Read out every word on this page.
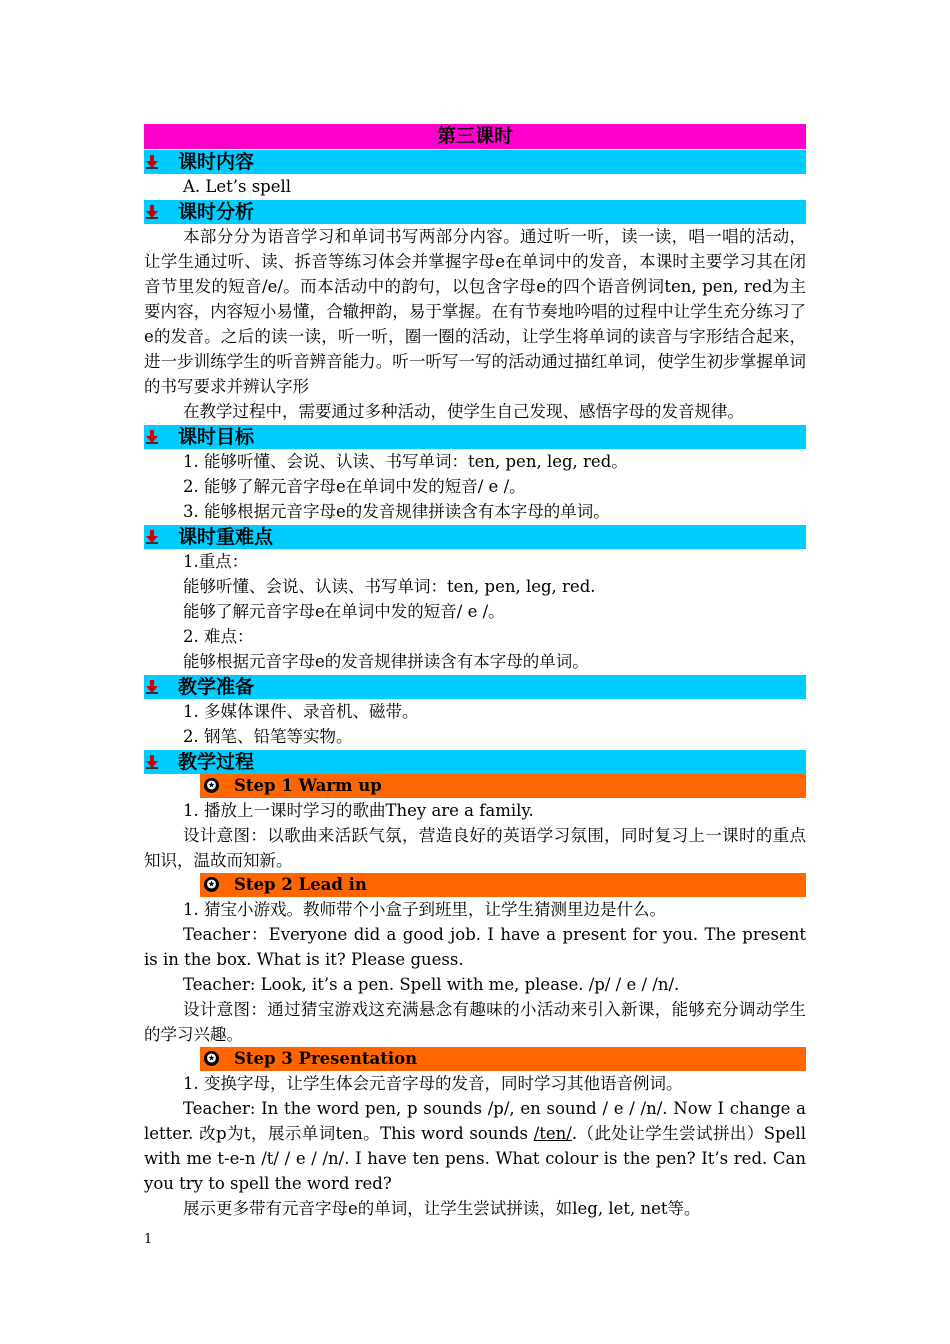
第三课时
课时内容

A. Let’s spell

课时分析

本部分分为语音学习和单词书写两部分内容。通过听一听，读一读，唱一唱的活动，让学生通过听、读、拆音等练习体会并掌握字母e在单词中的发音，本课时主要学习其在闭音节里发的短音/e/。而本活动中的韵句，以包含字母e的四个语音例词ten, pen, red为主要内容，内容短小易懂，合辙押韵，易于掌握。在有节奏地吟唱的过程中让学生充分练习了e的发音。之后的读一读，听一听，圈一圈的活动，让学生将单词的读音与字形结合起来，进一步训练学生的听音辨音能力。听一听写一写的活动通过描红单词，使学生初步掌握单词的书写要求并辨认字形

在教学过程中，需要通过多种活动，使学生自己发现、感悟字母的发音规律。

课时目标

1. 能够听懂、会说、认读、书写单词：ten, pen, leg, red。

2. 能够了解元音字母e在单词中发的短音/ e /。

3. 能够根据元音字母e的发音规律拼读含有本字母的单词。

课时重难点

1.重点：

能够听懂、会说、认读、书写单词：ten, pen, leg, red.

能够了解元音字母e在单词中发的短音/ e /。

2. 难点：

能够根据元音字母e的发音规律拼读含有本字母的单词。

教学准备

1. 多媒体课件、录音机、磁带。

2. 钢笔、铅笔等实物。

教学过程
✪ Step 1 Warm up

1. 播放上一课时学习的歌曲They are a family.

设计意图：以歌曲来活跃气氛，营造良好的英语学习氛围，同时复习上一课时的重点知识，温故而知新。

✪ Step 2 Lead in

1. 猜宝小游戏。教师带个小盒子到班里，让学生猜测里边是什么。

Teacher：Everyone did a good job. I have a present for you. The present is in the box. What is it? Please guess.

Teacher: Look, it’s a pen. Spell with me, please. /p/ / e / /n/.

设计意图：通过猜宝游戏这充满悬念有趣味的小活动来引入新课，能够充分调动学生的学习兴趣。

✪ Step 3 Presentation

1. 变换字母，让学生体会元音字母的发音，同时学习其他语音例词。

Teacher: In the word pen, p sounds /p/, en sound / e / /n/. Now I change a letter. 改p为t，展示单词ten。This word sounds /ten/.（此处让学生尝试拼出）Spell with me t-e-n /t/ / e / /n/. I have ten pens. What colour is the pen? It’s red. Can you try to spell the word red?

展示更多带有元音字母e的单词，让学生尝试拼读，如leg, let, net等。

1
